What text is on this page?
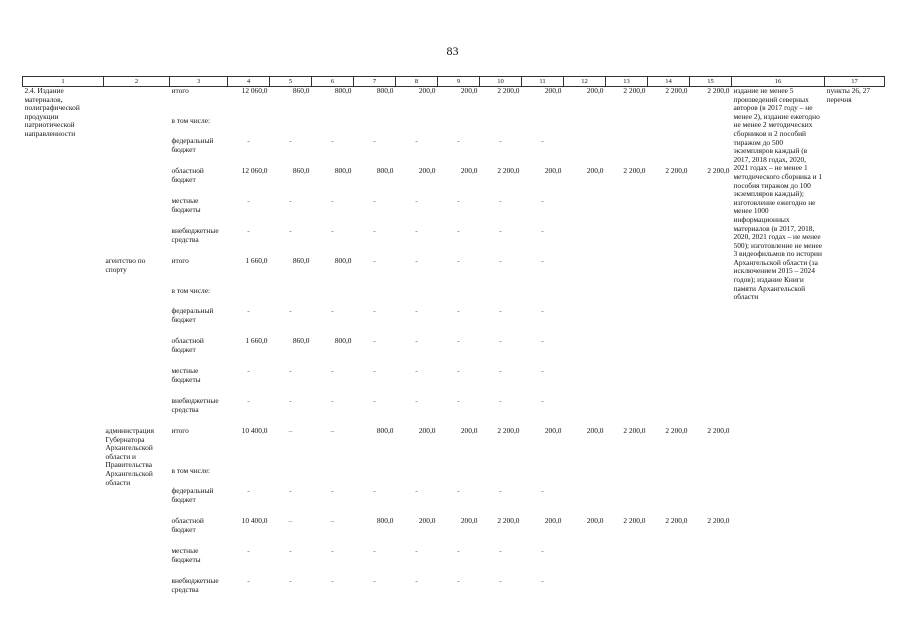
83
1	2	3	4	5	6	7	8	9	10	11	12	13	14	15	16	17
2.4. Издание материалов, полиграфической продукции патриотической направленности		итого	12 060,0	860,0	800,0	800,0	200,0	200,0	2 200,0	200,0	200,0	2 200,0	2 200,0	2 200,0	издание не менее 5 произведений северных авторов (в 2017 году – не менее 2), издание ежегодно не менее 2 методических сборников и 2 пособий тиражом до 500 экземпляров каждый (в 2017, 2018 годах, 2020, 2021 годах – не менее 1 методического сборника и 1 пособия тиражом до 100 экземпляров каждый); изготовление ежегодно не менее 1000 информационных материалов (в 2017, 2018, 2020, 2021 годах – не менее 500); изготовление не менее 3 видеофильмов по истории Архангельской области (за исключением 2015 – 2024 годов); издание Книги памяти Архангельской области	пункты 26, 27 перечня
		в том числе:														
		федеральный бюджет	-	-	-	-	-	-	-	-						
		областной бюджет	12 060,0	860,0	800,0	800,0	200,0	200,0	2 200,0	200,0	200,0	2 200,0	2 200,0	2 200,0		
		местные бюджеты	-	-	-	-	-	-	-	-						
		внебюджетные средства	-	-	-	-	-	-	-	-						
	агентство по спорту	итого	1 660,0	860,0	800,0	-	-	-	-	-						
		в том числе:														
		федеральный бюджет	-	-	-	-	-	-	-	-						
		областной бюджет	1 660,0	860,0	800,0	-	-	-	-	-						
		местные бюджеты	-	-	-	-	-	-	-	-						
		внебюджетные средства	-	-	-	-	-	-	-	-						
	администрация Губернатора Архангельской области и Правительства Архангельской области	итого	10 400,0	–	–	800,0	200,0	200,0	2 200,0	200,0	200,0	2 200,0	2 200,0	2 200,0		
		в том числе:														
		федеральный бюджет	-	-	-	-	-	-	-	-						
		областной бюджет	10 400,0	–	–	800,0	200,0	200,0	2 200,0	200,0	200,0	2 200,0	2 200,0	2 200,0		
		местные бюджеты	-	-	-	-	-	-	-	-						
		внебюджетные средства	-	-	-	-	-	-	-	-						
